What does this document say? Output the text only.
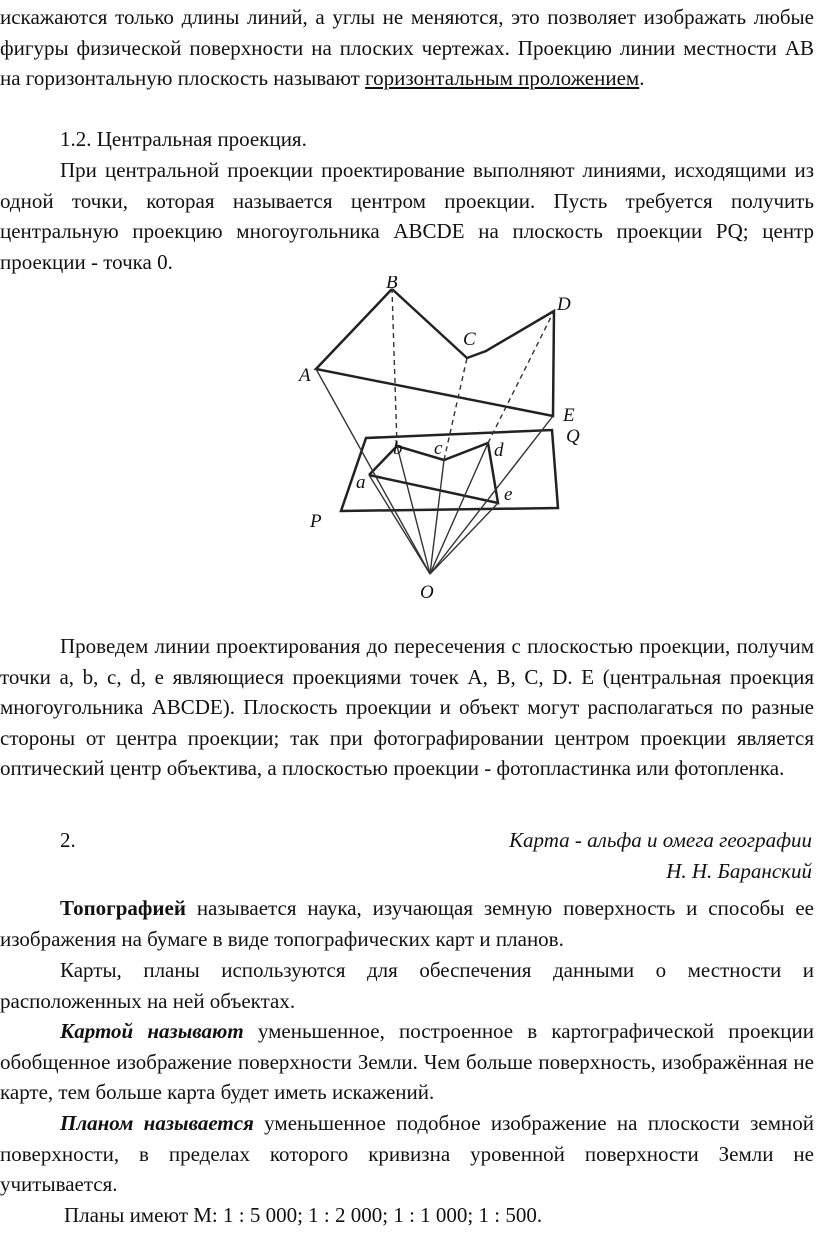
искажаются только длины линий, а углы не меняются, это позволяет изображать любые фигуры физической поверхности на плоских чертежах. Проекцию линии местности АВ на горизонтальную плоскость называют горизонтальным проложением.

1.2. Центральная проекция.

При центральной проекции проектирование выполняют линиями, исходящими из одной точки, которая называется центром проекции. Пусть требуется получить центральную проекцию многоугольника ABCDE на плоскость проекции PQ; центр проекции - точка 0.

B
D
C
A
E
Q
b c	d
a
e
P
O

Проведем линии проектирования до пересечения с плоскостью проекции, получим точки a, b, c, d, e являющиеся проекциями точек A, B, C, D. E (центральная проекция многоугольника ABCDE). Плоскость проекции и объект могут располагаться по разные стороны от центра проекции; так при фотографировании центром проекции является оптический центр объектива, а плоскостью проекции - фотопластинка или фотопленка.

2.	Карта - альфа и омега географии
Н. Н. Баранский

Топографией называется наука, изучающая земную поверхность и способы ее изображения на бумаге в виде топографических карт и планов.

Карты, планы используются для обеспечения данными о местности и расположенных на ней объектах.

Картой называют уменьшенное, построенное в картографической проекции обобщенное изображение поверхности Земли. Чем больше поверхность, изображённая не карте, тем больше карта будет иметь искажений.

Планом называется уменьшенное подобное изображение на плоскости земной поверхности, в пределах которого кривизна уровенной поверхности Земли не учитывается.

Планы имеют М: 1 : 5 000; 1 : 2 000; 1 : 1 000; 1 : 500.
